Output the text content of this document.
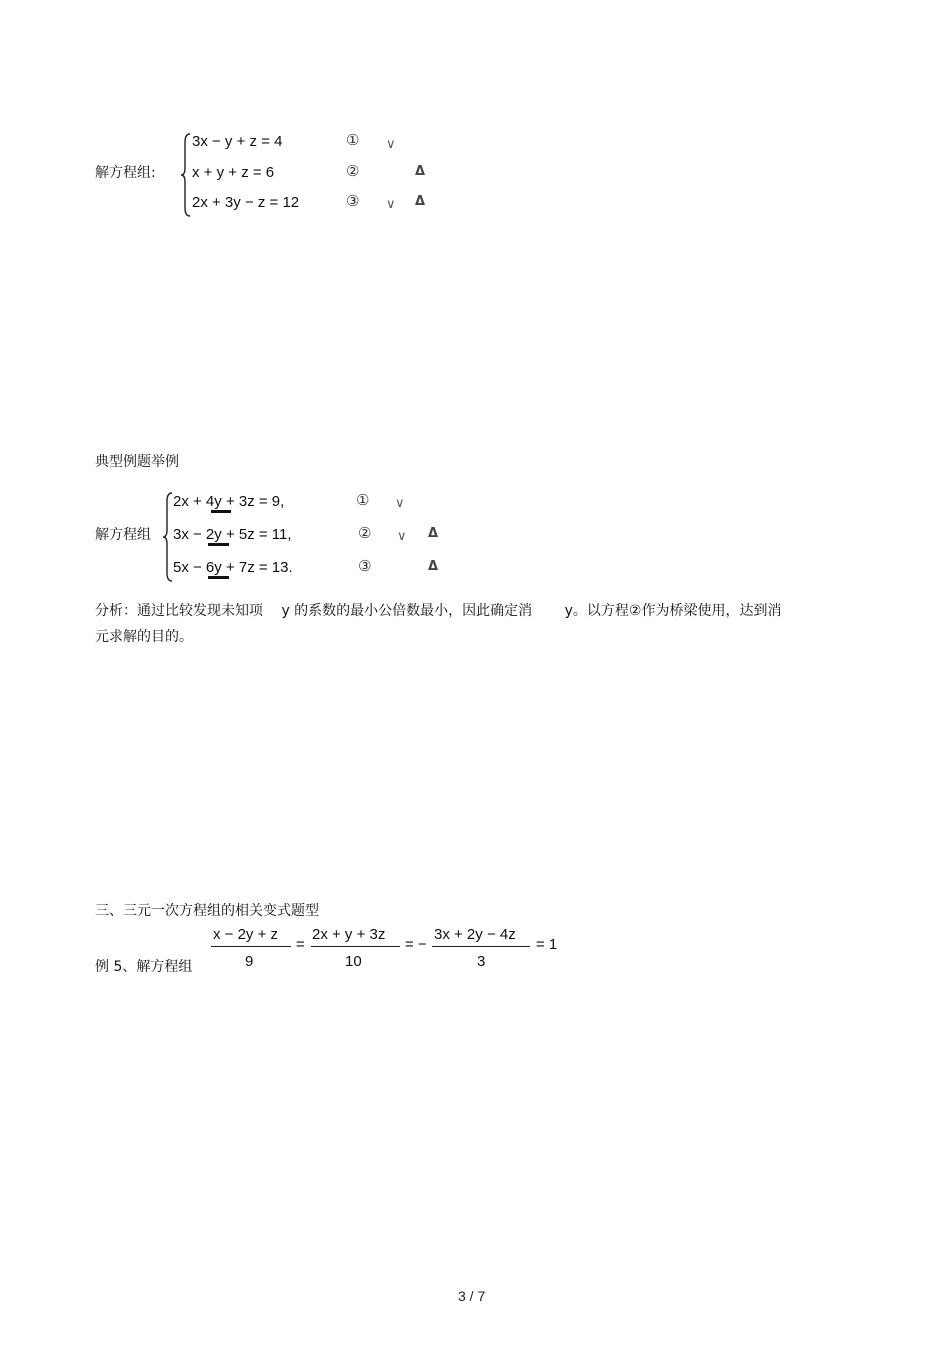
解方程组:
3x − y + z = 4
x + y + z = 6
2x + 3y − z = 12
①
②
③
∨
∨
Δ
Δ
典型例题举例
解方程组
2x + 4y + 3z = 9,
3x − 2y + 5z = 11,
5x − 6y + 7z = 13.
①
②
③
∨
∨ Δ
Δ
分析：通过比较发现未知项　 y 的系数的最小公倍数最小，因此确定消　　 y。以方程②作为桥梁使用，达到消
元求解的目的。
三、三元一次方程组的相关变式题型
例 5、解方程组
x − 2y + z
9
=
2x + y + 3z
10
= −
3x + 2y − 4z
3
= 1
3 / 7
